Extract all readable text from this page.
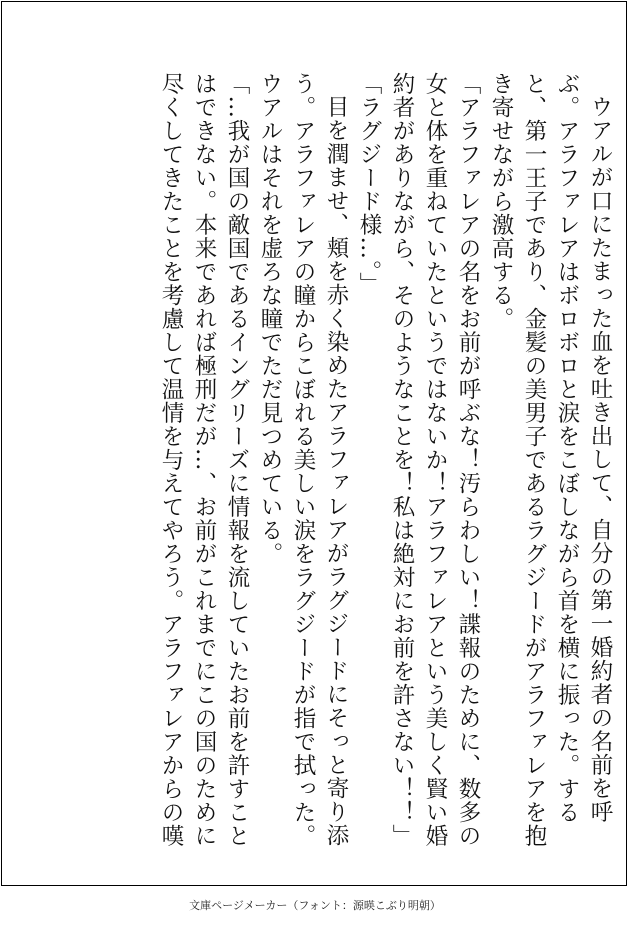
ウアルが口にたまった血を吐き出して、自分の第一婚約者の名前を呼ぶ。アラファレアはボロボロと涙をこぼしながら首を横に振った。すると、第一王子であり、金髪の美男子であるラグジードがアラファレアを抱き寄せながら激高する。

「アラファレアの名をお前が呼ぶな！汚らわしい！諜報のために、数多の女と体を重ねていたというではないか！アラファレアという美しく賢い婚約者がありながら、そのようなことを！私は絶対にお前を許さない！！」

「ラグジード様…。」

目を潤ませ、頬を赤く染めたアラファレアがラグジードにそっと寄り添う。アラファレアの瞳からこぼれる美しい涙をラグジードが指で拭った。ウアルはそれを虚ろな瞳でただ見つめている。

「…我が国の敵国であるイングリーズに情報を流していたお前を許すことはできない。本来であれば極刑だが…、お前がこれまでにこの国のために尽くしてきたことを考慮して温情を与えてやろう。アラファレアからの嘆

文庫ページメーカー（フォント：源暎こぶり明朝）
